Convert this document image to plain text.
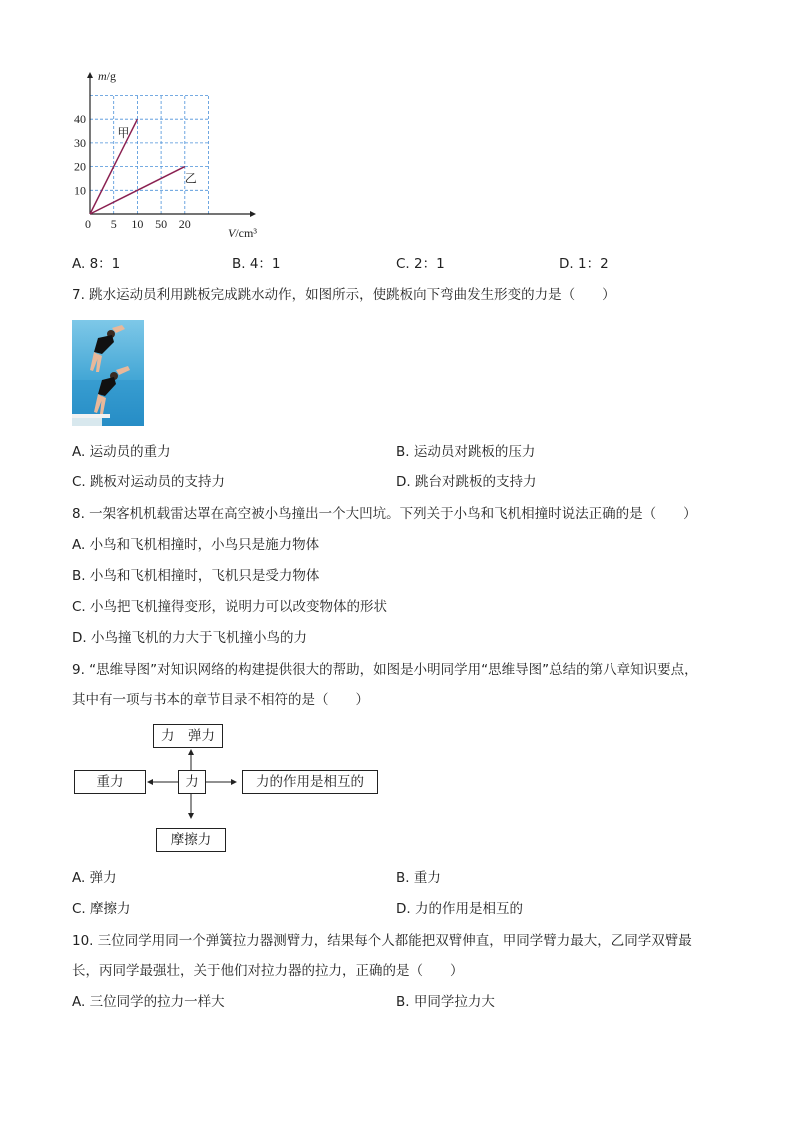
10
20
30
40
0 5 10 50 20
甲
乙
m/g
V/cm³
A. 8：1	B. 4：1	C. 2：1	D. 1：2
7. 跳水运动员利用跳板完成跳水动作，如图所示，使跳板向下弯曲发生形变的力是（　　）
A. 运动员的重力	B. 运动员对跳板的压力
C. 跳板对运动员的支持力	D. 跳台对跳板的支持力
8. 一架客机机载雷达罩在高空被小鸟撞出一个大凹坑。下列关于小鸟和飞机相撞时说法正确的是（　　）
A. 小鸟和飞机相撞时，小鸟只是施力物体
B. 小鸟和飞机相撞时，飞机只是受力物体
C. 小鸟把飞机撞得变形，说明力可以改变物体的形状
D. 小鸟撞飞机的力大于飞机撞小鸟的力
9. “思维导图”对知识网络的构建提供很大的帮助，如图是小明同学用“思维导图”总结的第八章知识要点，
其中有一项与书本的章节目录不相符的是（　　）
力　弹力
重力	力	力的作用是相互的
摩擦力
A. 弹力	B. 重力
C. 摩擦力	D. 力的作用是相互的
10. 三位同学用同一个弹簧拉力器测臂力，结果每个人都能把双臂伸直，甲同学臂力最大，乙同学双臂最
长，丙同学最强壮，关于他们对拉力器的拉力，正确的是（　　）
A. 三位同学的拉力一样大	B. 甲同学拉力大
